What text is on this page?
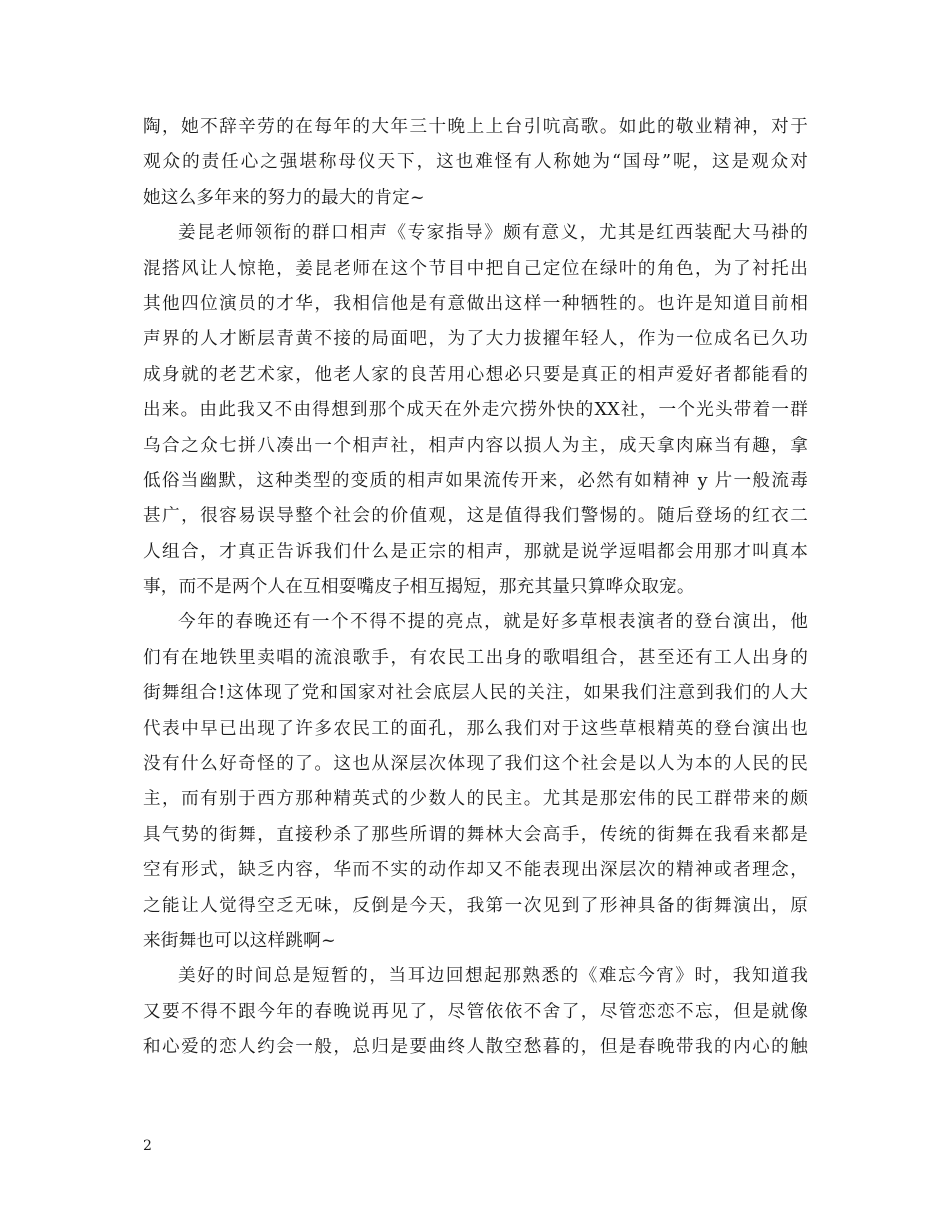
陶，她不辞辛劳的在每年的大年三十晚上上台引吭高歌。如此的敬业精神，对于
观众的责任心之强堪称母仪天下，这也难怪有人称她为“国母”呢，这是观众对
她这么多年来的努力的最大的肯定~
姜昆老师领衔的群口相声《专家指导》颇有意义，尤其是红西装配大马褂的
混搭风让人惊艳，姜昆老师在这个节目中把自己定位在绿叶的角色，为了衬托出
其他四位演员的才华，我相信他是有意做出这样一种牺牲的。也许是知道目前相
声界的人才断层青黄不接的局面吧，为了大力拔擢年轻人，作为一位成名已久功
成身就的老艺术家，他老人家的良苦用心想必只要是真正的相声爱好者都能看的
出来。由此我又不由得想到那个成天在外走穴捞外快的XX社，一个光头带着一群
乌合之众七拼八凑出一个相声社，相声内容以损人为主，成天拿肉麻当有趣，拿
低俗当幽默，这种类型的变质的相声如果流传开来，必然有如精神 y 片一般流毒
甚广，很容易误导整个社会的价值观，这是值得我们警惕的。随后登场的红衣二
人组合，才真正告诉我们什么是正宗的相声，那就是说学逗唱都会用那才叫真本
事，而不是两个人在互相耍嘴皮子相互揭短，那充其量只算哗众取宠。
今年的春晚还有一个不得不提的亮点，就是好多草根表演者的登台演出，他
们有在地铁里卖唱的流浪歌手，有农民工出身的歌唱组合，甚至还有工人出身的
街舞组合!这体现了党和国家对社会底层人民的关注，如果我们注意到我们的人大
代表中早已出现了许多农民工的面孔，那么我们对于这些草根精英的登台演出也
没有什么好奇怪的了。这也从深层次体现了我们这个社会是以人为本的人民的民
主，而有别于西方那种精英式的少数人的民主。尤其是那宏伟的民工群带来的颇
具气势的街舞，直接秒杀了那些所谓的舞林大会高手，传统的街舞在我看来都是
空有形式，缺乏内容，华而不实的动作却又不能表现出深层次的精神或者理念，
之能让人觉得空乏无味，反倒是今天，我第一次见到了形神具备的街舞演出，原
来街舞也可以这样跳啊~
美好的时间总是短暂的，当耳边回想起那熟悉的《难忘今宵》时，我知道我
又要不得不跟今年的春晚说再见了，尽管依依不舍了，尽管恋恋不忘，但是就像
和心爱的恋人约会一般，总归是要曲终人散空愁暮的，但是春晚带我的内心的触
2
